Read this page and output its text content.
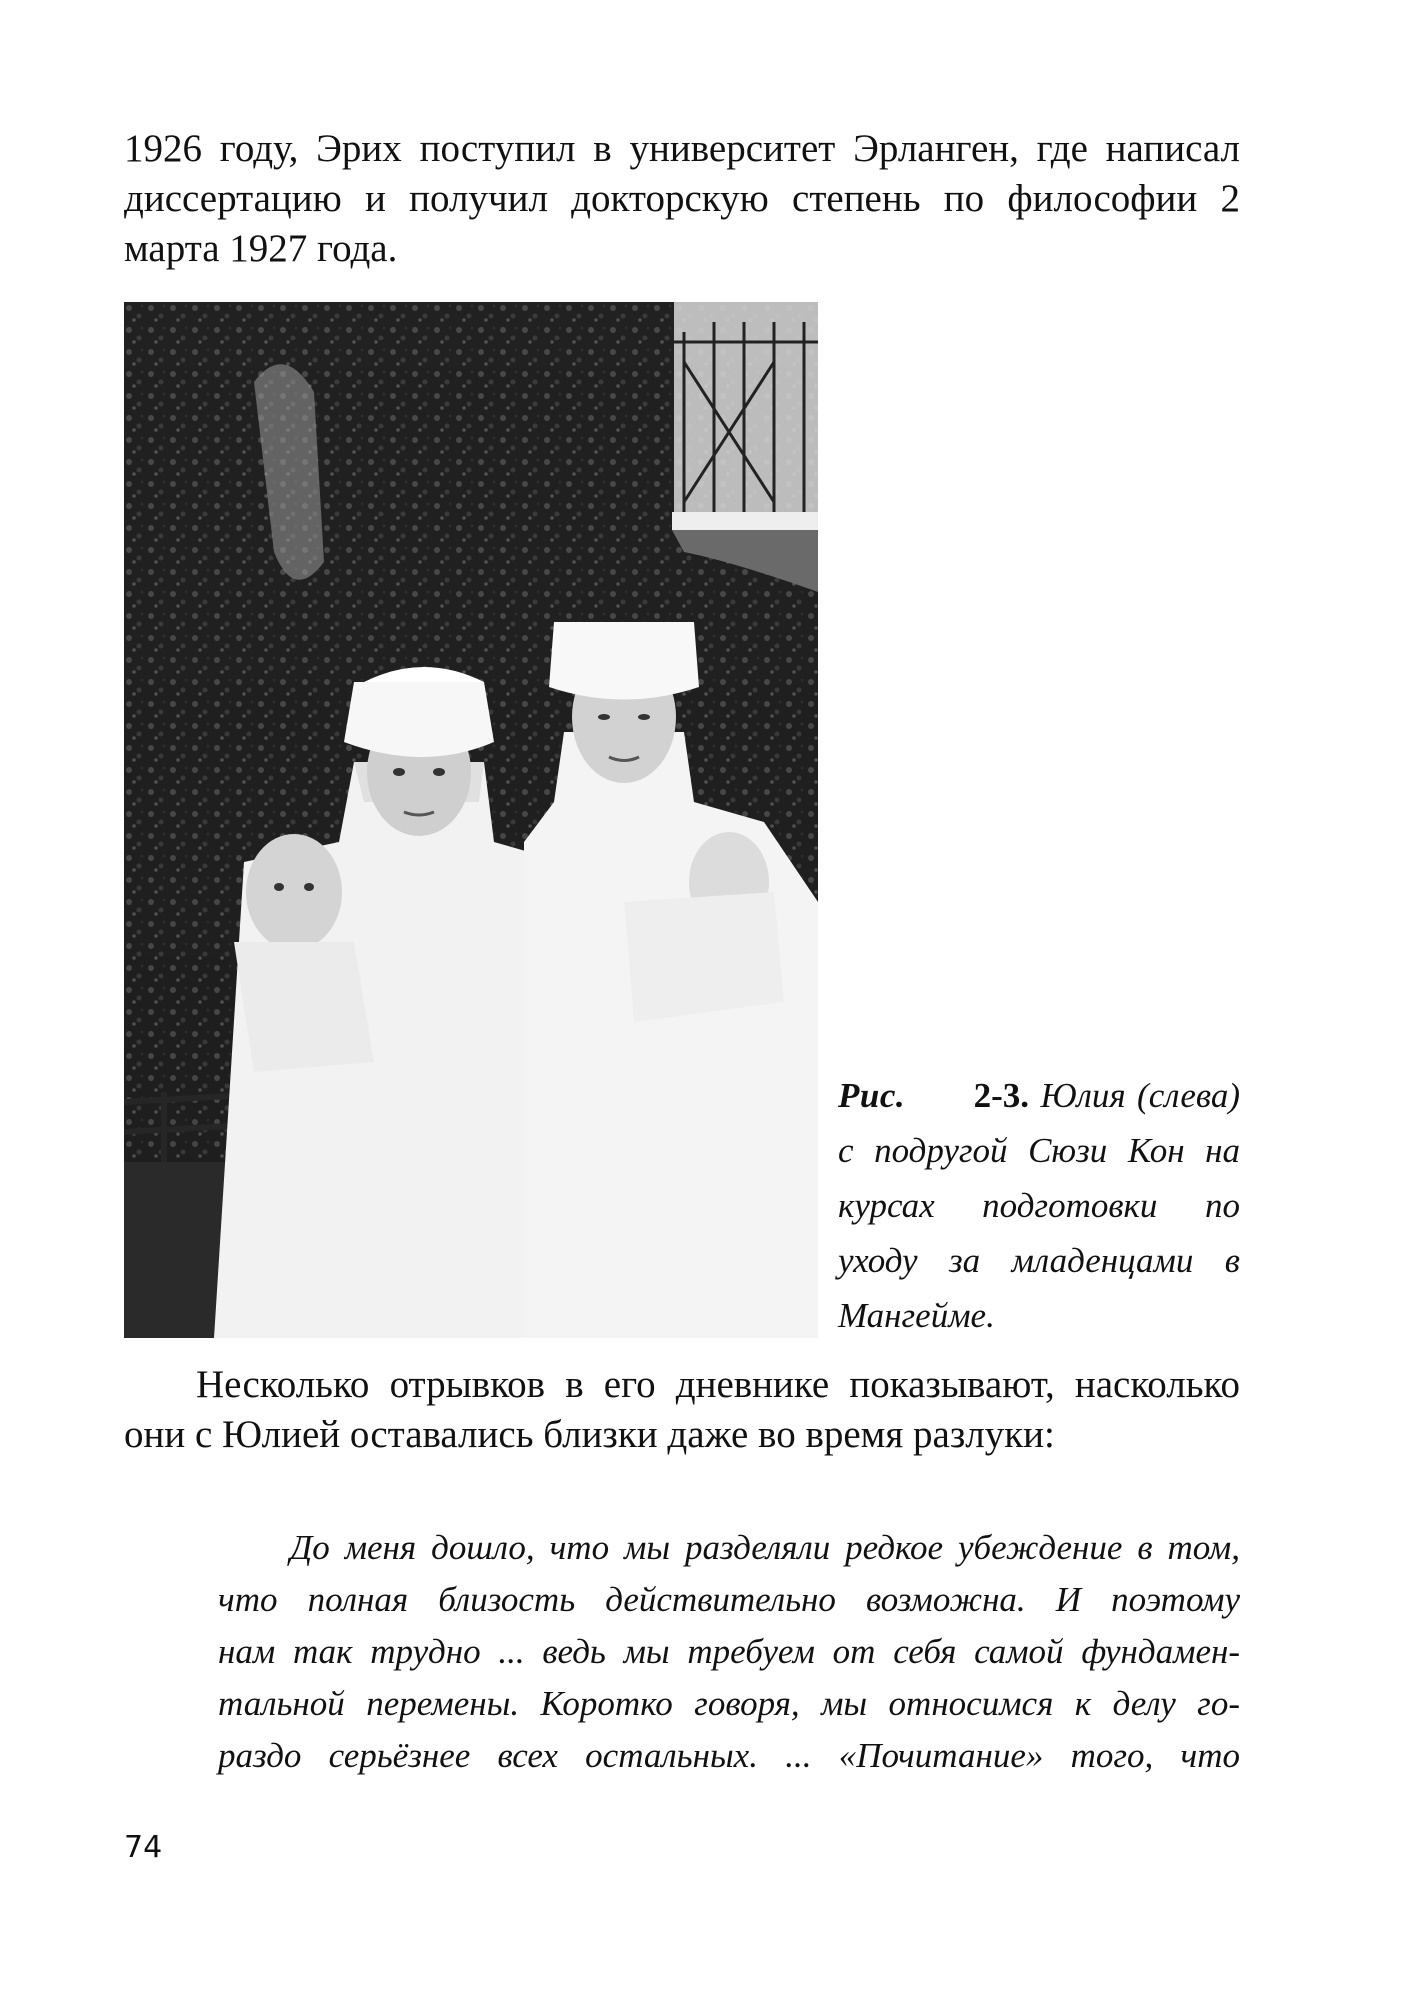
1926 году, Эрих поступил в университет Эрланген, где написал
диссертацию и получил докторскую степень по философии 2
марта 1927 года.

Рис. 2-3. Юлия (слева) с подругой Сюзи Кон на курсах подготовки по уходу за младенцами в Мангейме.

Несколько отрывков в его дневнике показывают, насколько
они с Юлией оставались близки даже во время разлуки:

До меня дошло, что мы разделяли редкое убеждение в том,
что полная близость действительно возможна. И поэтому
нам так трудно ... ведь мы требуем от себя самой фундамен-
тальной перемены. Коротко говоря, мы относимся к делу го-
раздо серьёзнее всех остальных. ... «Почитание» того, что

74
